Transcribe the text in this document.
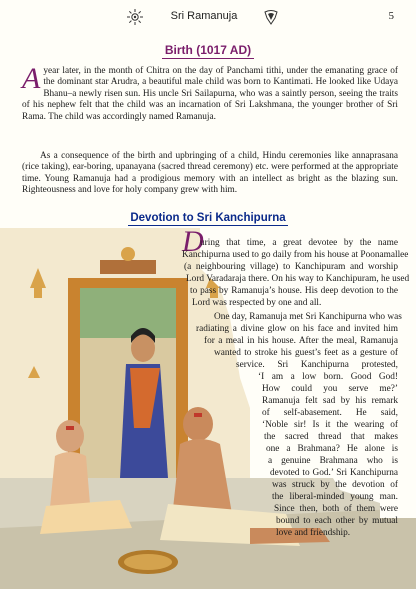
Sri Ramanuja	5
Birth (1017 AD)
A year later, in the month of Chitra on the day of Panchami tithi, under the emanating grace of the dominant star Arudra, a beautiful male child was born to Kantimati. He looked like Udaya Bhanu–a newly risen sun. His uncle Sri Sailapurna, who was a saintly person, seeing the traits of his nephew felt that the child was an incarnation of Sri Lakshmana, the younger brother of Sri Rama. The child was accordingly named Ramanuja.
As a consequence of the birth and upbringing of a child, Hindu ceremonies like annaprasana (rice taking), ear-boring, upanayana (sacred thread ceremony) etc. were performed at the appropriate time. Young Ramanuja had a prodigious memory with an intellect as bright as the blazing sun. Righteousness and love for holy company grew with him.
Devotion to Sri Kanchipurna
D
uring that time, a great devotee by the name
Kanchipurna used to go daily from his house at Poonamallee
(a neighbouring village) to Kanchipuram and worship
Lord Varadaraja there. On his way to Kanchipuram, he used
to pass by Ramanuja’s house. His deep devotion to the
Lord was respected by one and all.
One day, Ramanuja met Sri Kanchipurna who was
radiating a divine glow on his face and invited him
for a meal in his house. After the meal, Ramanuja
wanted to stroke his guest’s feet as a gesture of
service. Sri Kanchipurna protested,
‘I am a low born. Good God!
How could you serve me?’
Ramanuja felt sad by his remark
of self-abasement. He said,
‘Noble sir! Is it the wearing of
the sacred thread that makes
one a Brahmana? He alone is
a genuine Brahmana who is
devoted to God.’ Sri Kanchipurna
was struck by the devotion of
the liberal-minded young man.
Since then, both of them were
bound to each other by mutual
love and friendship.
